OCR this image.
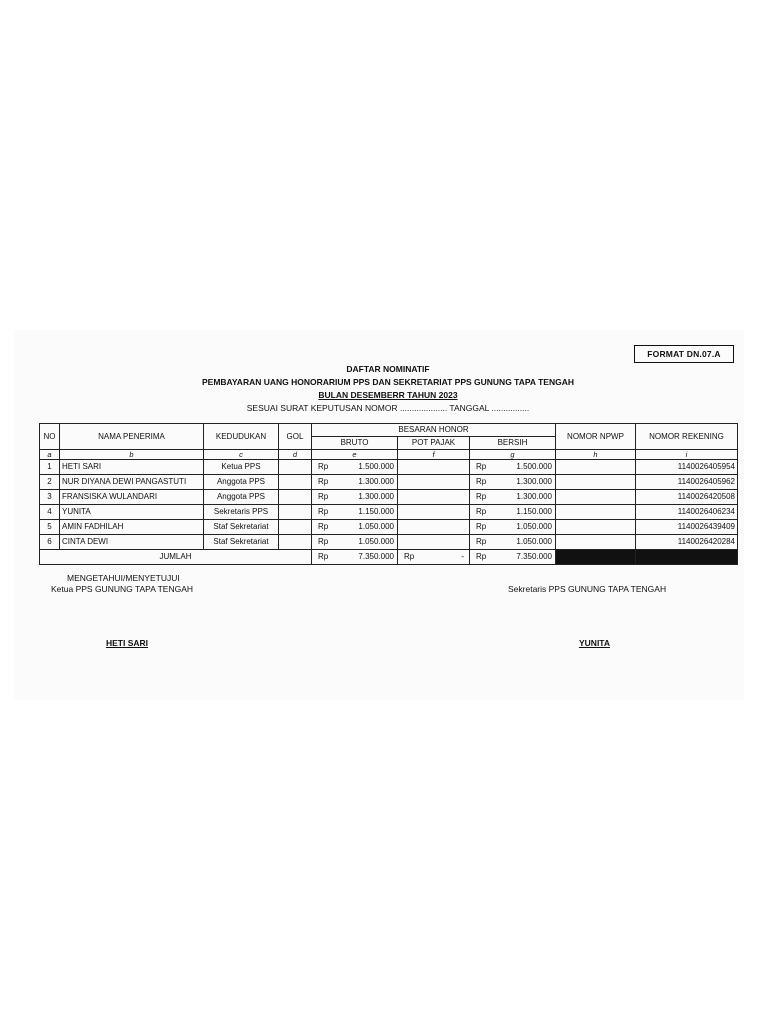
FORMAT DN.07.A
DAFTAR NOMINATIF
PEMBAYARAN UANG HONORARIUM PPS DAN SEKRETARIAT PPS GUNUNG TAPA TENGAH
BULAN DESEMBERR TAHUN 2023
SESUAI SURAT KEPUTUSAN NOMOR .................... TANGGAL ................
NO	NAMA PENERIMA	KEDUDUKAN	GOL	BESARAN HONOR			NOMOR NPWP	NOMOR REKENING
				BRUTO	POT PAJAK	BERSIH		
a	b	c	d	e	f	g	h	i
1	HETI SARI	Ketua PPS		Rp 1.500.000		Rp 1.500.000		1140026405954
2	NUR DIYANA DEWI PANGASTUTI	Anggota PPS		Rp 1.300.000		Rp 1.300.000		1140026405962
3	FRANSISKA WULANDARI	Anggota PPS		Rp 1.300.000		Rp 1.300.000		1140026420508
4	YUNITA	Sekretaris PPS		Rp 1.150.000		Rp 1.150.000		1140026406234
5	AMIN FADHILAH	Staf Sekretariat		Rp 1.050.000		Rp 1.050.000		1140026439409
6	CINTA DEWI	Staf Sekretariat		Rp 1.050.000		Rp 1.050.000		1140026420284
JUMLAH				Rp 7.350.000	Rp -	Rp 7.350.000		
MENGETAHUI/MENYETUJUI
Ketua PPS GUNUNG TAPA TENGAH	Sekretaris PPS GUNUNG TAPA TENGAH
HETI SARI	YUNITA
